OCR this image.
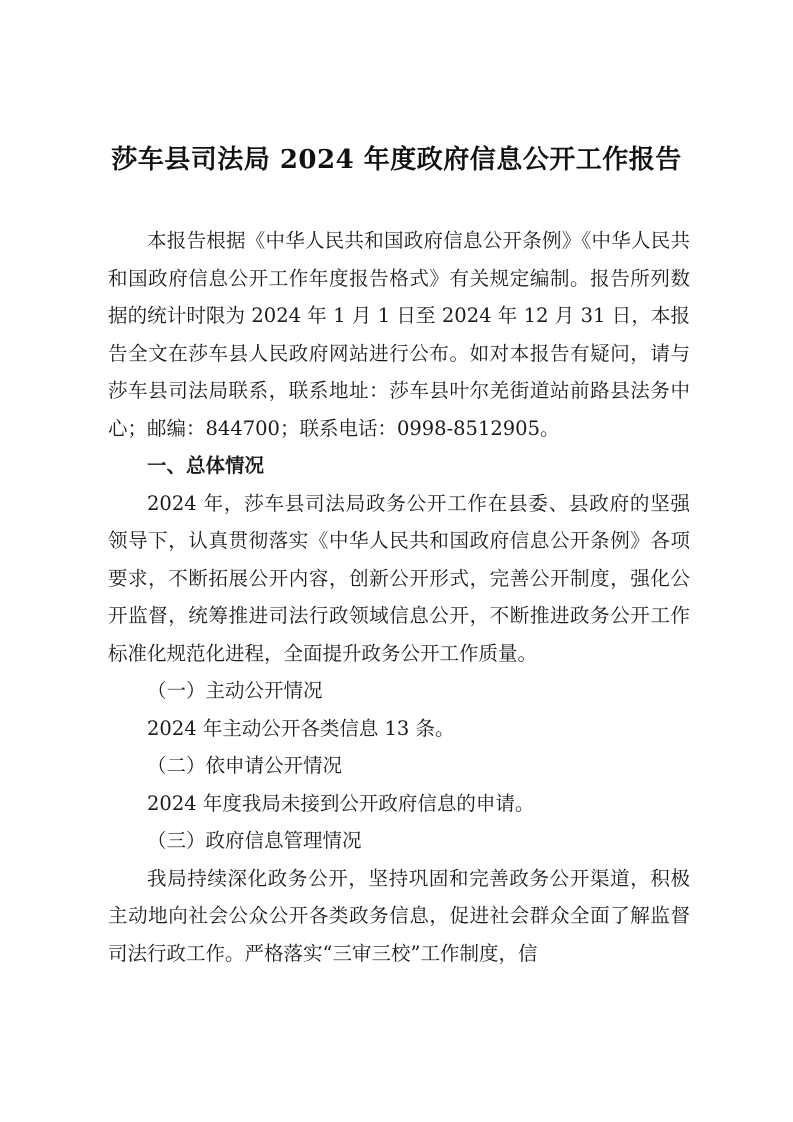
莎车县司法局 2024 年度政府信息公开工作报告

本报告根据《中华人民共和国政府信息公开条例》《中华人民共和国政府信息公开工作年度报告格式》有关规定编制。报告所列数据的统计时限为 2024 年 1 月 1 日至 2024 年 12 月 31 日，本报告全文在莎车县人民政府网站进行公布。如对本报告有疑问，请与莎车县司法局联系，联系地址：莎车县叶尔羌街道站前路县法务中心；邮编：844700；联系电话：0998-8512905。

一、总体情况

2024 年，莎车县司法局政务公开工作在县委、县政府的坚强领导下，认真贯彻落实《中华人民共和国政府信息公开条例》各项要求，不断拓展公开内容，创新公开形式，完善公开制度，强化公开监督，统筹推进司法行政领域信息公开，不断推进政务公开工作标准化规范化进程，全面提升政务公开工作质量。

（一）主动公开情况

2024 年主动公开各类信息 13 条。

（二）依申请公开情况

2024 年度我局未接到公开政府信息的申请。

（三）政府信息管理情况

我局持续深化政务公开，坚持巩固和完善政务公开渠道，积极主动地向社会公众公开各类政务信息，促进社会群众全面了解监督司法行政工作。严格落实“三审三校”工作制度，信
